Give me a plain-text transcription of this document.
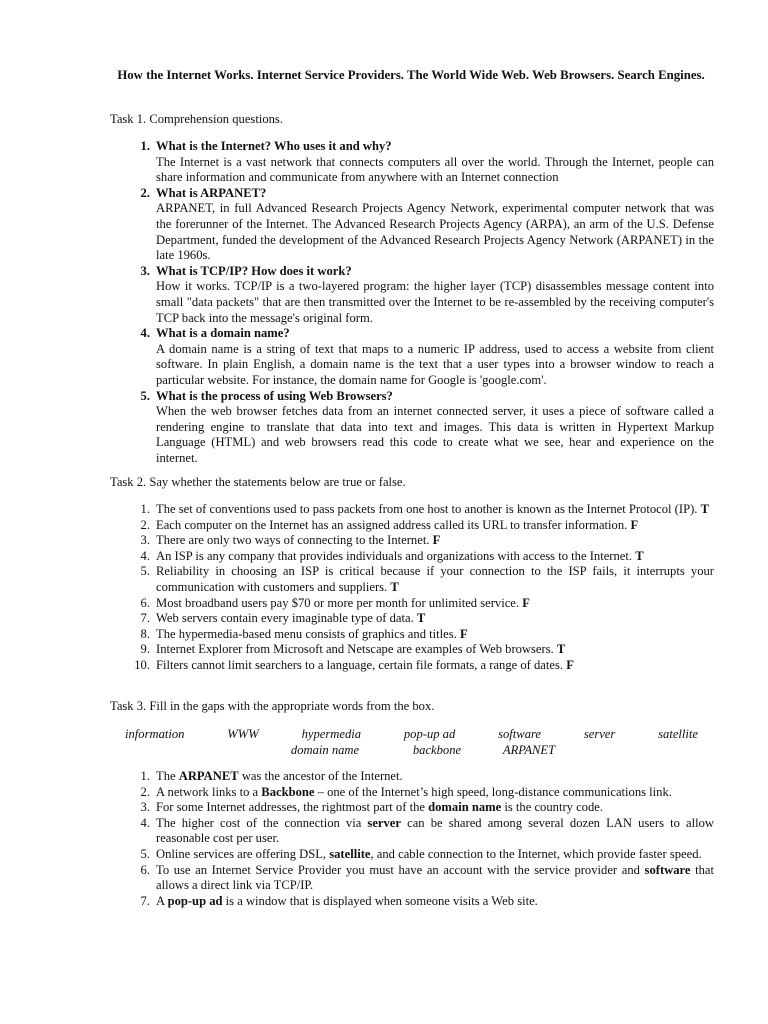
How the Internet Works. Internet Service Providers. The World Wide Web. Web Browsers. Search Engines.
Task 1. Comprehension questions.
1. What is the Internet? Who uses it and why?
The Internet is a vast network that connects computers all over the world. Through the Internet, people can share information and communicate from anywhere with an Internet connection
2. What is ARPANET?
ARPANET, in full Advanced Research Projects Agency Network, experimental computer network that was the forerunner of the Internet. The Advanced Research Projects Agency (ARPA), an arm of the U.S. Defense Department, funded the development of the Advanced Research Projects Agency Network (ARPANET) in the late 1960s.
3. What is TCP/IP? How does it work?
How it works. TCP/IP is a two-layered program: the higher layer (TCP) disassembles message content into small "data packets" that are then transmitted over the Internet to be re-assembled by the receiving computer's TCP back into the message's original form.
4. What is a domain name?
A domain name is a string of text that maps to a numeric IP address, used to access a website from client software. In plain English, a domain name is the text that a user types into a browser window to reach a particular website. For instance, the domain name for Google is 'google.com'.
5. What is the process of using Web Browsers?
When the web browser fetches data from an internet connected server, it uses a piece of software called a rendering engine to translate that data into text and images. This data is written in Hypertext Markup Language (HTML) and web browsers read this code to create what we see, hear and experience on the internet.
Task 2. Say whether the statements below are true or false.
1. The set of conventions used to pass packets from one host to another is known as the Internet Protocol (IP). T
2. Each computer on the Internet has an assigned address called its URL to transfer information. F
3. There are only two ways of connecting to the Internet. F
4. An ISP is any company that provides individuals and organizations with access to the Internet. T
5. Reliability in choosing an ISP is critical because if your connection to the ISP fails, it interrupts your communication with customers and suppliers. T
6. Most broadband users pay $70 or more per month for unlimited service. F
7. Web servers contain every imaginable type of data. T
8. The hypermedia-based menu consists of graphics and titles. F
9. Internet Explorer from Microsoft and Netscape are examples of Web browsers. T
10. Filters cannot limit searchers to a language, certain file formats, a range of dates. F
Task 3. Fill in the gaps with the appropriate words from the box.
information	WWW	hypermedia	pop-up ad	software	server	satellite
domain name	backbone	ARPANET
1. The ARPANET was the ancestor of the Internet.
2. A network links to a Backbone – one of the Internet’s high speed, long-distance communications link.
3. For some Internet addresses, the rightmost part of the domain name is the country code.
4. The higher cost of the connection via server can be shared among several dozen LAN users to allow reasonable cost per user.
5. Online services are offering DSL, satellite, and cable connection to the Internet, which provide faster speed.
6. To use an Internet Service Provider you must have an account with the service provider and software that allows a direct link via TCP/IP.
7. A pop-up ad is a window that is displayed when someone visits a Web site.
